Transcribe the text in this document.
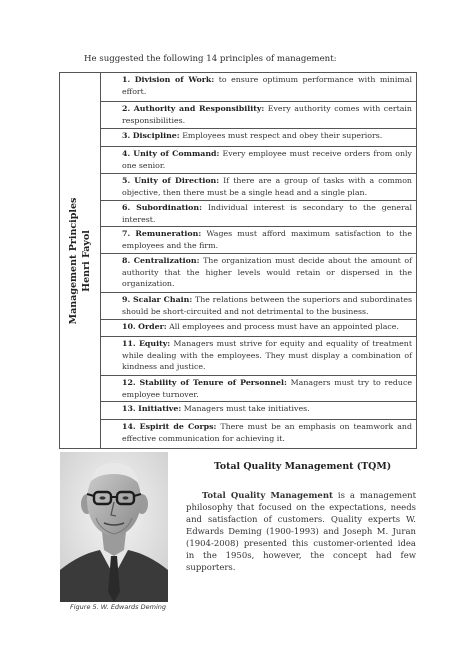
He suggested the following 14 principles of management:
Management Principles Henri Fayol
	1. Division of Work: to ensure optimum performance with minimal effort.
2. Authority and Responsibility: Every authority comes with certain responsibilities.
3. Discipline: Employees must respect and obey their superiors.
4. Unity of Command: Every employee must receive orders from only one senior.
5. Unity of Direction: If there are a group of tasks with a common objective, then there must be a single head and a single plan.
6. Subordination: Individual interest is secondary to the general interest.
7. Remuneration: Wages must afford maximum satisfaction to the employees and the firm.
8. Centralization: The organization must decide about the amount of authority that the higher levels would retain or dispersed in the organization.
9. Scalar Chain: The relations between the superiors and subordinates should be short-circuited and not detrimental to the business.
10. Order: All employees and process must have an appointed place.
11. Equity: Managers must strive for equity and equality of treatment while dealing with the employees. They must display a combination of kindness and justice.
12. Stability of Tenure of Personnel: Managers must try to reduce employee turnover.
13. Initiative: Managers must take initiatives.
14. Espirit de Corps: There must be an emphasis on teamwork and effective communication for achieving it.
Figure 5. W. Edwards Deming
Total Quality Management (TQM)
Total Quality Management is a management philosophy that focused on the expectations, needs and satisfaction of customers. Quality experts W. Edwards Deming (1900-1993) and Joseph M. Juran (1904-2008) presented this customer-oriented idea in the 1950s, however, the concept had few supporters.
